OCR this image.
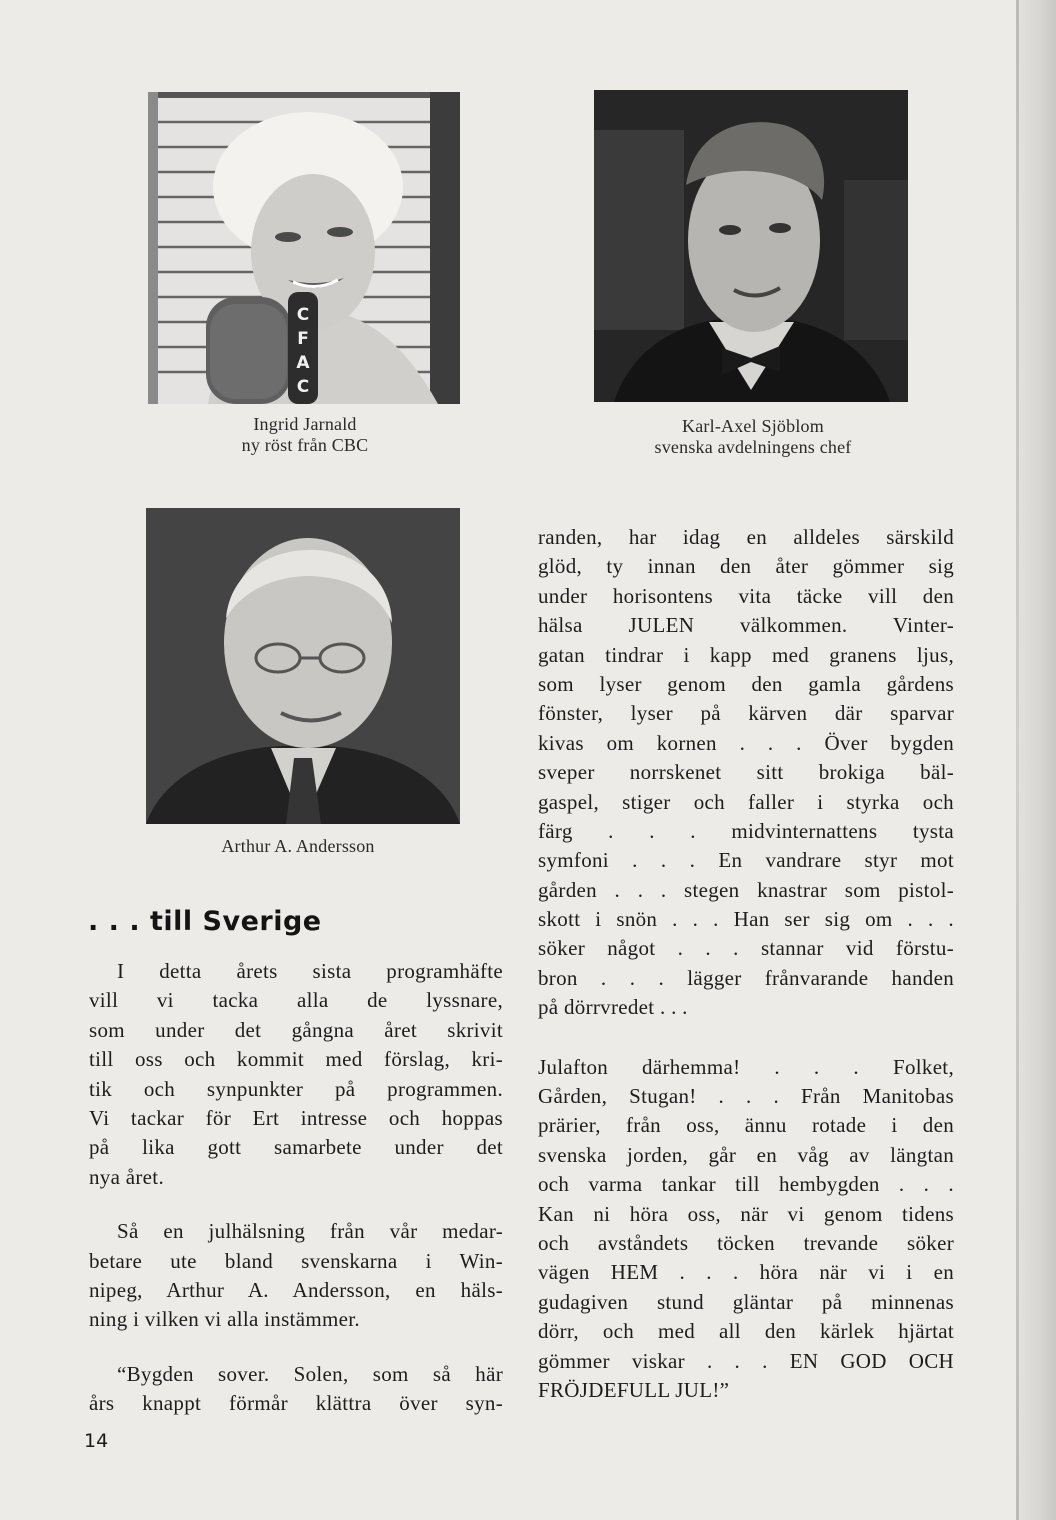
C
F
A
C
Ingrid Jarnald
ny röst från CBC
Karl-Axel Sjöblom
svenska avdelningens chef
Arthur A. Andersson
. . . till Sverige
I detta årets sista programhäfte
vill vi tacka alla de lyssnare,
som under det gångna året skrivit
till oss och kommit med förslag, kri-
tik och synpunkter på programmen.
Vi tackar för Ert intresse och hoppas
på lika gott samarbete under det
nya året.
Så en julhälsning från vår medar-
betare ute bland svenskarna i Win-
nipeg, Arthur A. Andersson, en häls-
ning i vilken vi alla instämmer.
“Bygden sover. Solen, som så här
års knappt förmår klättra över syn-
randen, har idag en alldeles särskild
glöd, ty innan den åter gömmer sig
under horisontens vita täcke vill den
hälsa JULEN välkommen. Vinter-
gatan tindrar i kapp med granens ljus,
som lyser genom den gamla gårdens
fönster, lyser på kärven där sparvar
kivas om kornen . . . Över bygden
sveper norrskenet sitt brokiga bäl-
gaspel, stiger och faller i styrka och
färg . . . midvinternattens tysta
symfoni . . . En vandrare styr mot
gården . . . stegen knastrar som pistol-
skott i snön . . . Han ser sig om . . .
söker något . . . stannar vid förstu-
bron . . . lägger frånvarande handen
på dörrvredet . . .
Julafton därhemma! . . . Folket,
Gården, Stugan! . . . Från Manitobas
prärier, från oss, ännu rotade i den
svenska jorden, går en våg av längtan
och varma tankar till hembygden . . .
Kan ni höra oss, när vi genom tidens
och avståndets töcken trevande söker
vägen HEM . . . höra när vi i en
gudagiven stund gläntar på minnenas
dörr, och med all den kärlek hjärtat
gömmer viskar . . . EN GOD OCH
FRÖJDEFULL JUL!”
14
